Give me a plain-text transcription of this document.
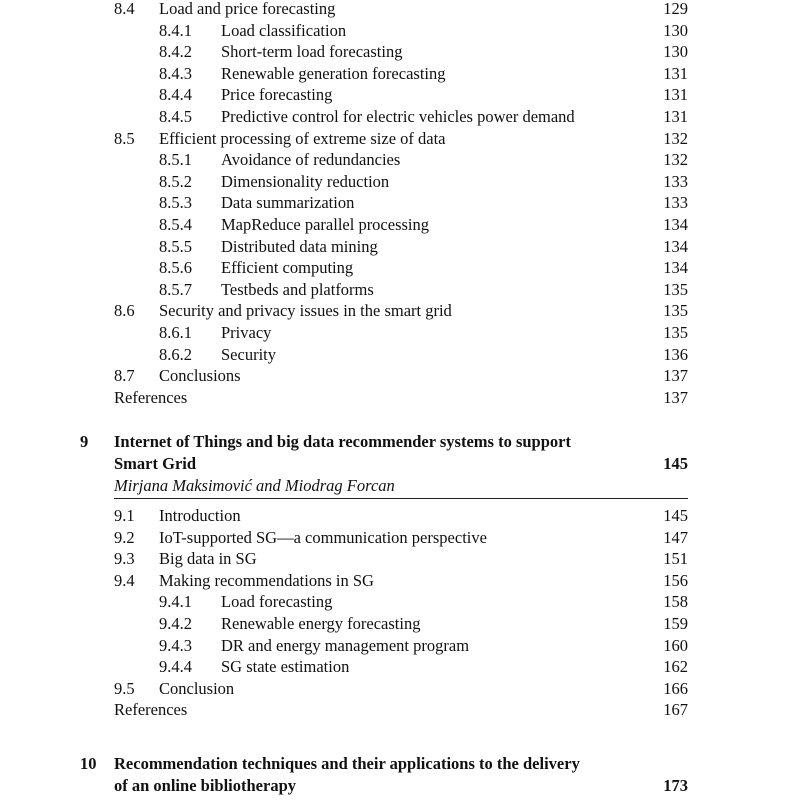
8.4 Load and price forecasting	129
8.4.1 Load classification	130
8.4.2 Short-term load forecasting	130
8.4.3 Renewable generation forecasting	131
8.4.4 Price forecasting	131
8.4.5 Predictive control for electric vehicles power demand	131
8.5 Efficient processing of extreme size of data	132
8.5.1 Avoidance of redundancies	132
8.5.2 Dimensionality reduction	133
8.5.3 Data summarization	133
8.5.4 MapReduce parallel processing	134
8.5.5 Distributed data mining	134
8.5.6 Efficient computing	134
8.5.7 Testbeds and platforms	135
8.6 Security and privacy issues in the smart grid	135
8.6.1 Privacy	135
8.6.2 Security	136
8.7 Conclusions	137
References	137
9 Internet of Things and big data recommender systems to support
Smart Grid	145
Mirjana Maksimović and Miodrag Forcan
9.1 Introduction	145
9.2 IoT-supported SG—a communication perspective	147
9.3 Big data in SG	151
9.4 Making recommendations in SG	156
9.4.1 Load forecasting	158
9.4.2 Renewable energy forecasting	159
9.4.3 DR and energy management program	160
9.4.4 SG state estimation	162
9.5 Conclusion	166
References	167
10 Recommendation techniques and their applications to the delivery
of an online bibliotherapy	173
